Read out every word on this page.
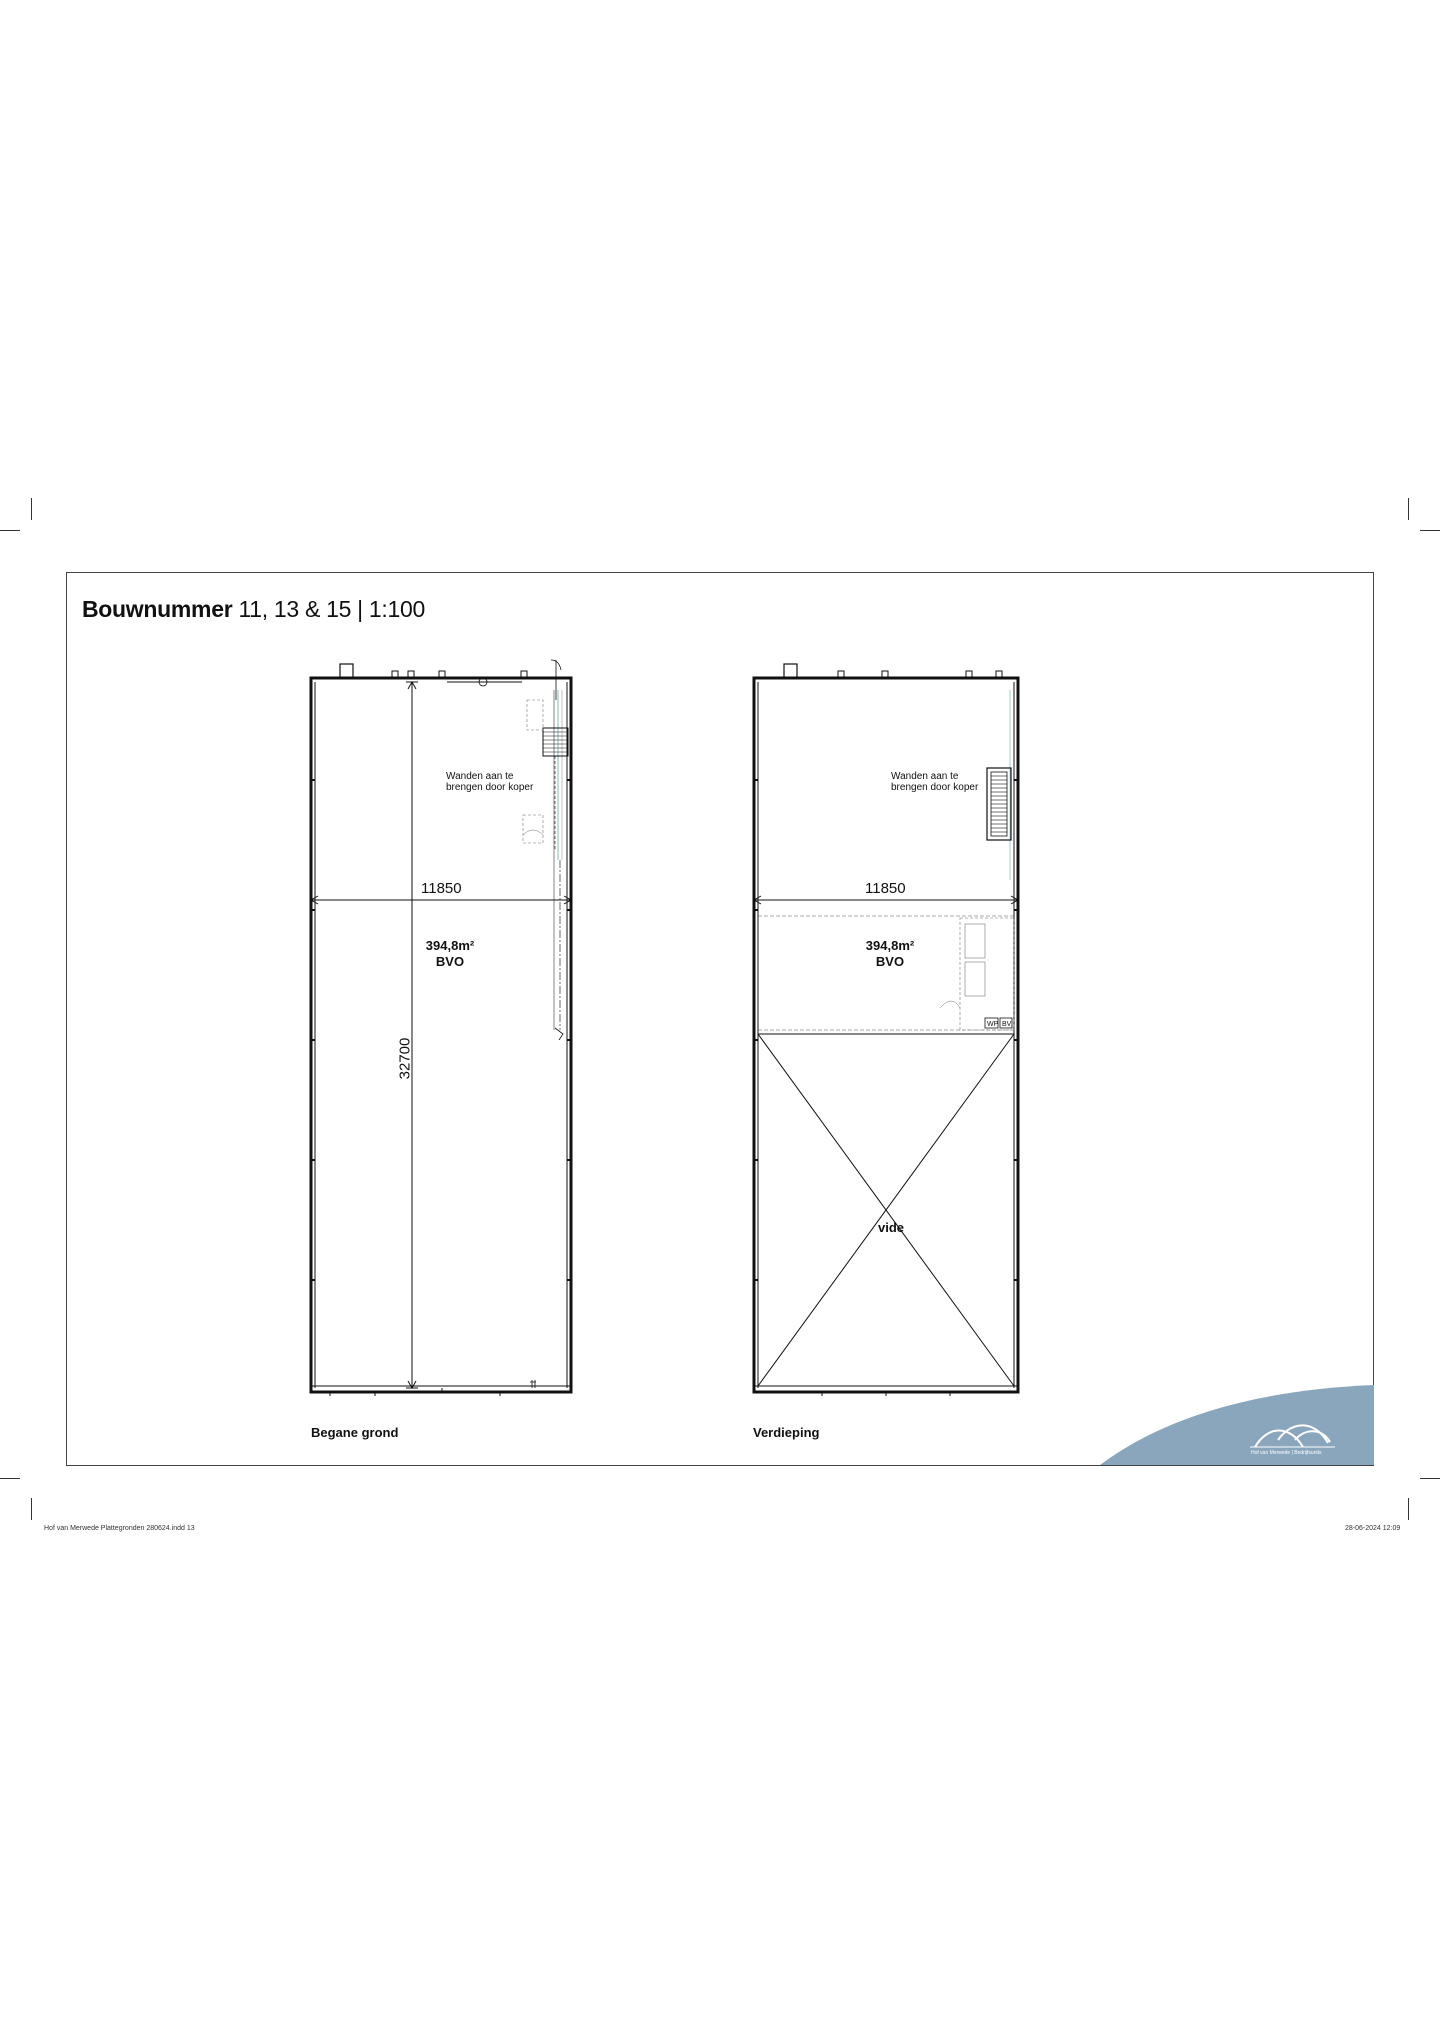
Bouwnummer 11, 13 & 15 | 1:100
Wanden aan te
brengen door koper
11850
32700
394,8m²
BVO
Begane grond
Wanden aan te
brengen door koper
11850
394,8m²
BVO
WP BV
vide
Verdieping
Hof van Merwede | Bedrijfsunits
Hof van Merwede Plattegronden 280624.indd 13	28-06-2024 12:09
